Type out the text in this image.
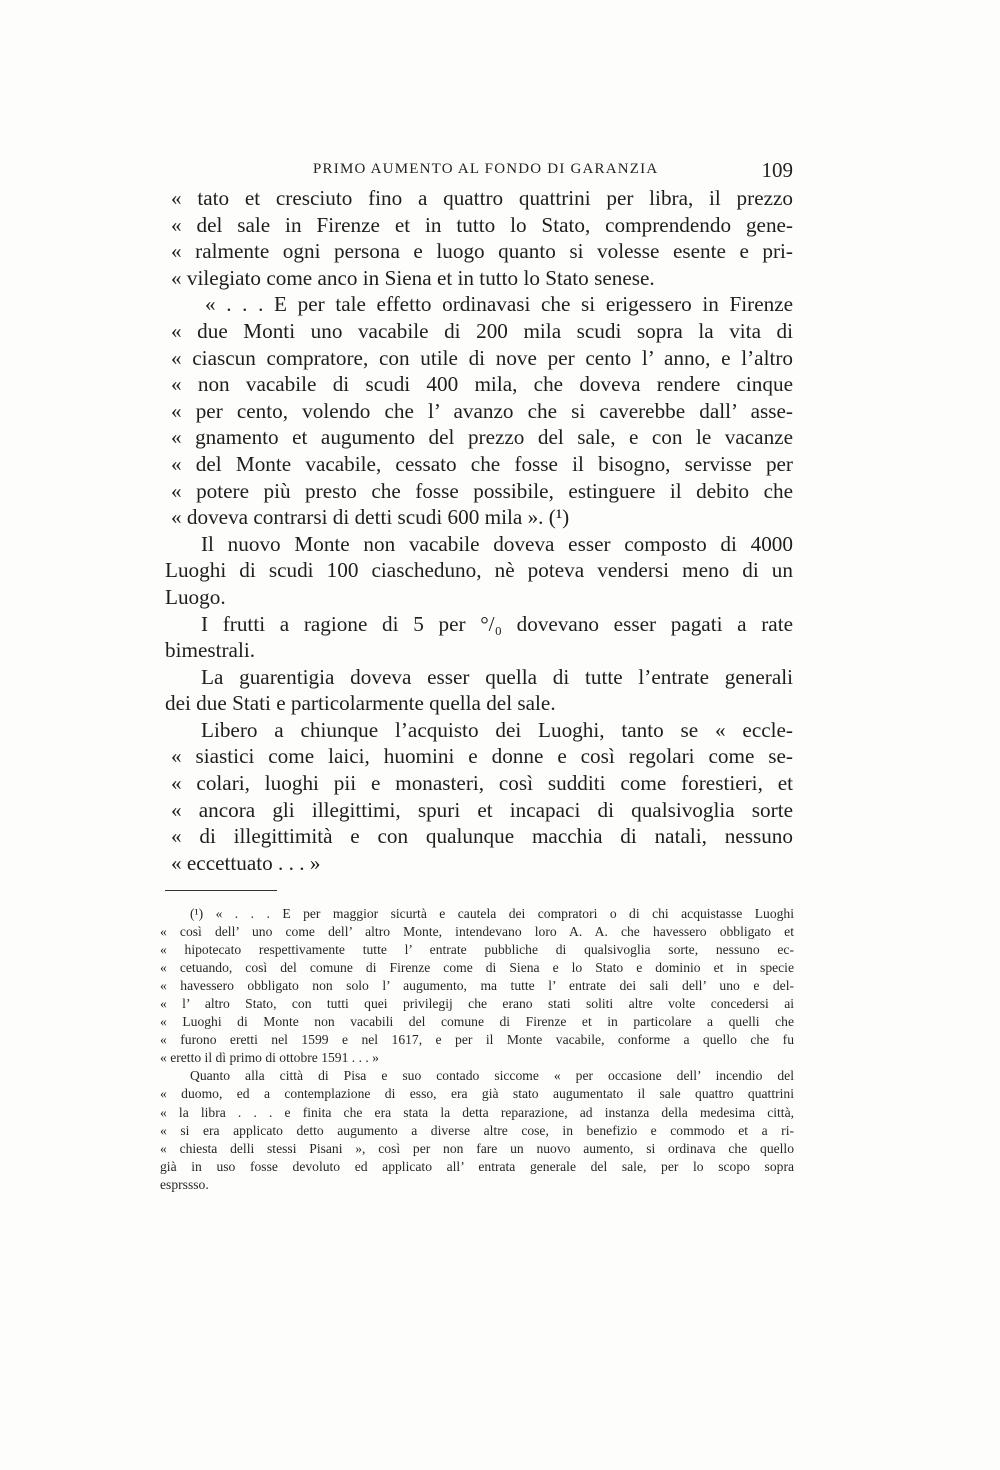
PRIMO AUMENTO AL FONDO DI GARANZIA	109
« tato et cresciuto fino a quattro quattrini per libra, il prezzo
« del sale in Firenze et in tutto lo Stato, comprendendo gene-
« ralmente ogni persona e luogo quanto si volesse esente e pri-
« vilegiato come anco in Siena et in tutto lo Stato senese.
« . . . E per tale effetto ordinavasi che si erigessero in Firenze
« due Monti uno vacabile di 200 mila scudi sopra la vita di
« ciascun compratore, con utile di nove per cento l’ anno, e l’altro
« non vacabile di scudi 400 mila, che doveva rendere cinque
« per cento, volendo che l’ avanzo che si caverebbe dall’ asse-
« gnamento et augumento del prezzo del sale, e con le vacanze
« del Monte vacabile, cessato che fosse il bisogno, servisse per
« potere più presto che fosse possibile, estinguere il debito che
« doveva contrarsi di detti scudi 600 mila ». (¹)
Il nuovo Monte non vacabile doveva esser composto di 4000
Luoghi di scudi 100 ciascheduno, nè poteva vendersi meno di un
Luogo.
I frutti a ragione di 5 per °/₀ dovevano esser pagati a rate
bimestrali.
La guarentigia doveva esser quella di tutte l’entrate generali
dei due Stati e particolarmente quella del sale.
Libero a chiunque l’acquisto dei Luoghi, tanto se « eccle-
« siastici come laici, huomini e donne e così regolari come se-
« colari, luoghi pii e monasteri, così sudditi come forestieri, et
« ancora gli illegittimi, spuri et incapaci di qualsivoglia sorte
« di illegittimità e con qualunque macchia di natali, nessuno
« eccettuato . . . »
(¹) « . . . E per maggior sicurtà e cautela dei compratori o di chi acquistasse Luoghi
« così dell’ uno come dell’ altro Monte, intendevano loro A. A. che havessero obbligato et
« hipotecato respettivamente tutte l’ entrate pubbliche di qualsivoglia sorte, nessuno ec-
« cetuando, così del comune di Firenze come di Siena e lo Stato e dominio et in specie
« havessero obbligato non solo l’ augumento, ma tutte l’ entrate dei sali dell’ uno e del-
« l’ altro Stato, con tutti quei privilegij che erano stati soliti altre volte concedersi ai
« Luoghi di Monte non vacabili del comune di Firenze et in particolare a quelli che
« furono eretti nel 1599 e nel 1617, e per il Monte vacabile, conforme a quello che fu
« eretto il dì primo di ottobre 1591 . . . »
Quanto alla città di Pisa e suo contado siccome « per occasione dell’ incendio del
« duomo, ed a contemplazione di esso, era già stato augumentato il sale quattro quattrini
« la libra . . . e finita che era stata la detta reparazione, ad instanza della medesima città,
« si era applicato detto augumento a diverse altre cose, in benefizio e commodo et a ri-
« chiesta delli stessi Pisani », così per non fare un nuovo aumento, si ordinava che quello
già in uso fosse devoluto ed applicato all’ entrata generale del sale, per lo scopo sopra
esprssso.
